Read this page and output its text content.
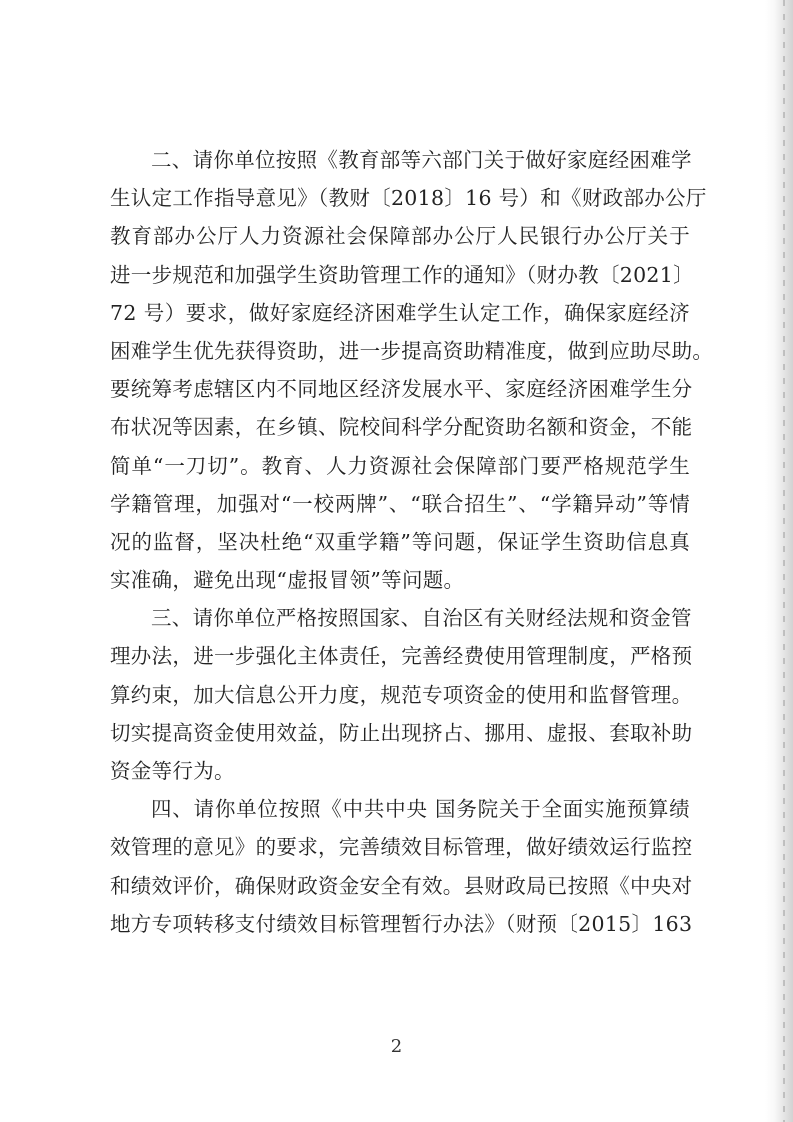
二、请你单位按照《教育部等六部门关于做好家庭经困难学
生认定工作指导意见》（教财〔2018〕16 号）和《财政部办公厅
教育部办公厅人力资源社会保障部办公厅人民银行办公厅关于
进一步规范和加强学生资助管理工作的通知》（财办教〔2021〕
72 号）要求，做好家庭经济困难学生认定工作，确保家庭经济
困难学生优先获得资助，进一步提高资助精准度，做到应助尽助。
要统筹考虑辖区内不同地区经济发展水平、家庭经济困难学生分
布状况等因素，在乡镇、院校间科学分配资助名额和资金，不能
简单“一刀切”。教育、人力资源社会保障部门要严格规范学生
学籍管理，加强对“一校两牌”、“联合招生”、“学籍异动”等情
况的监督，坚决杜绝“双重学籍”等问题，保证学生资助信息真
实准确，避免出现“虚报冒领”等问题。
三、请你单位严格按照国家、自治区有关财经法规和资金管
理办法，进一步强化主体责任，完善经费使用管理制度，严格预
算约束，加大信息公开力度，规范专项资金的使用和监督管理。
切实提高资金使用效益，防止出现挤占、挪用、虚报、套取补助
资金等行为。
四、请你单位按照《中共中央 国务院关于全面实施预算绩
效管理的意见》的要求，完善绩效目标管理，做好绩效运行监控
和绩效评价，确保财政资金安全有效。县财政局已按照《中央对
地方专项转移支付绩效目标管理暂行办法》（财预〔2015〕163
2
